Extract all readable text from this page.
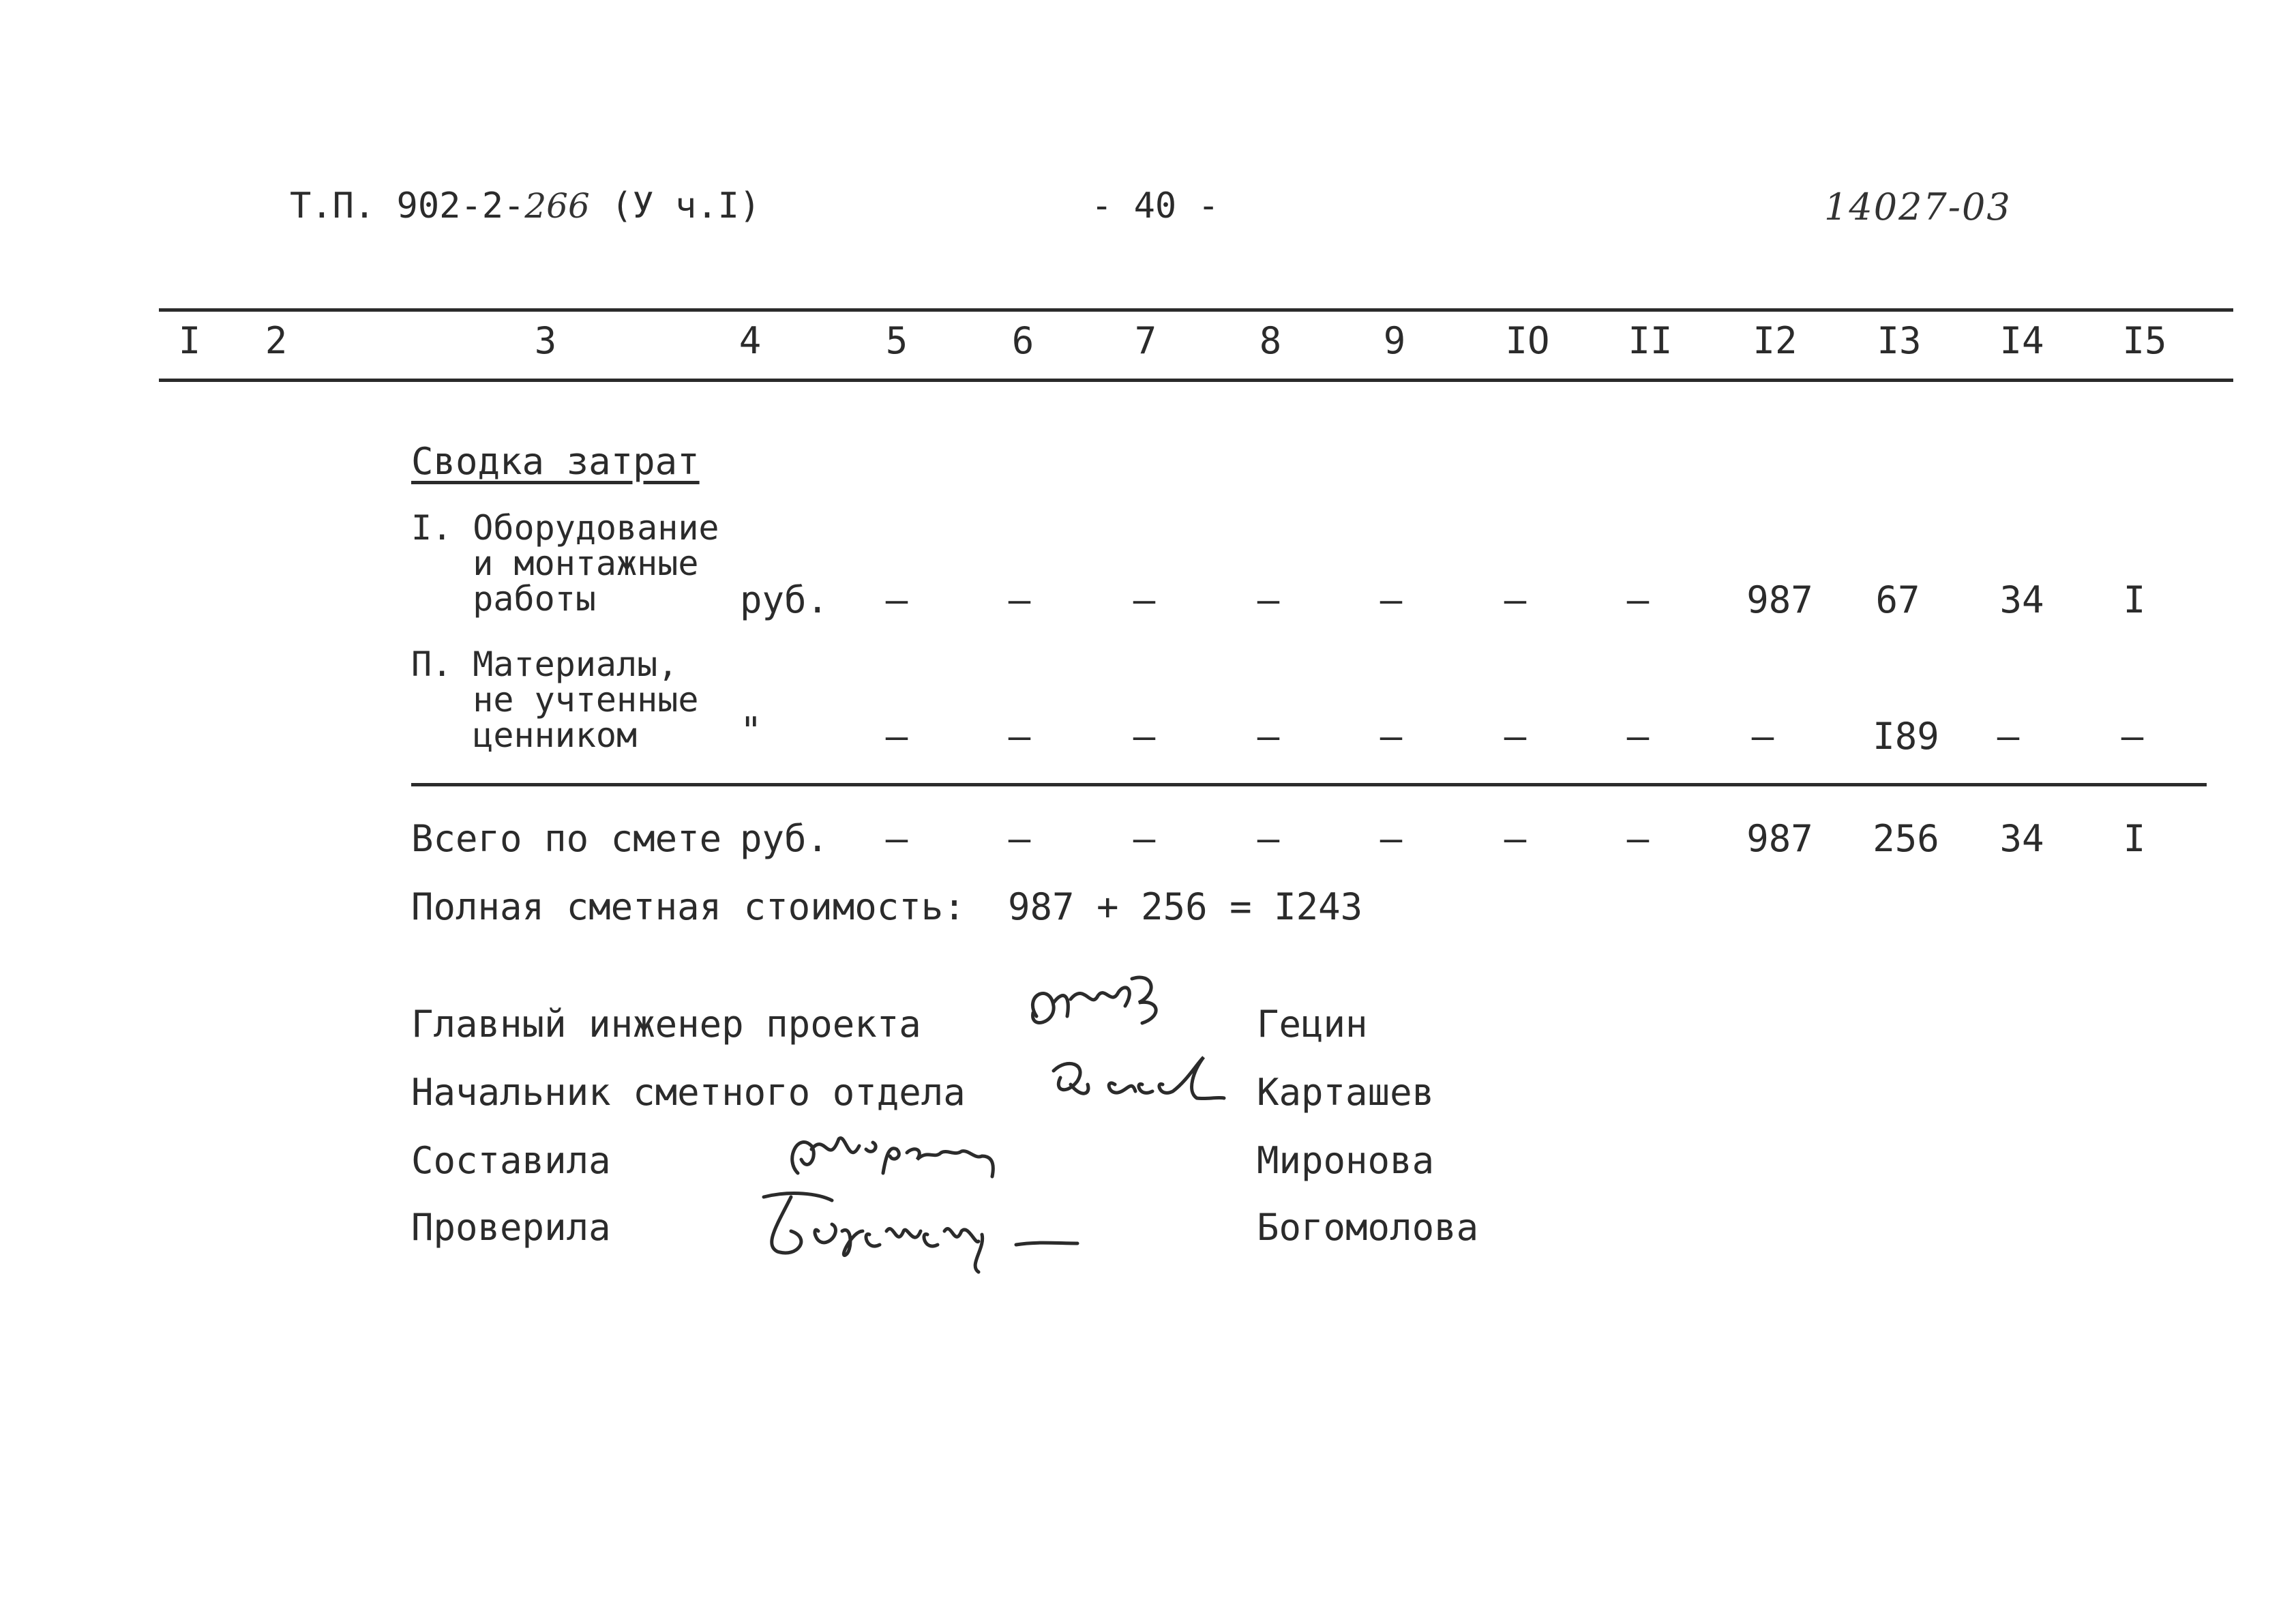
Т.П. 902-2-266 (У ч.I)	- 40 -	14027-03
I 2	3	4	5	6	7	8	9	IO II I2 I3 I4 I5
Сводка затрат
I. Оборудование
и монтажные
работы	руб. –	–	–	–	–	–	–	987 67 34 I
П. Материалы,
не учтенные
ценником	"	–	–	–	–	–	–	–	–	I89 –	–
Всего по смете руб. –	–	–	–	–	–	–	987 256 34 I
Полная сметная стоимость: 987 + 256 = I243
Главный инженер проекта	Гецин
Начальник сметного отдела	Карташев
Составила	Миронова
Проверила	Богомолова
